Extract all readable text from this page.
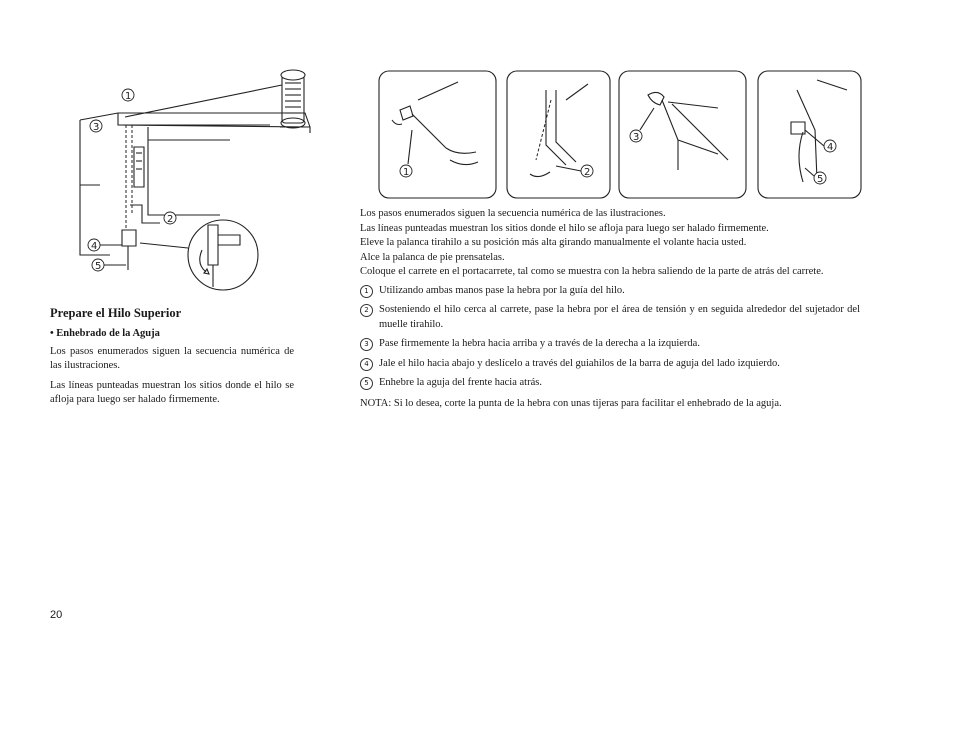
1
3
2
4
5
1	2
3
4
5
Prepare el Hilo Superior
• Enhebrado de la Aguja
Los pasos enumerados siguen la secuencia numérica de las ilustraciones.
Las líneas punteadas muestran los sitios donde el hilo se afloja para luego ser halado firmemente.
Los pasos enumerados siguen la secuencia numérica de las ilustraciones.
Las líneas punteadas muestran los sitios donde el hilo se afloja para luego ser halado firmemente.
Eleve la palanca tirahilo a su posición más alta girando manualmente el volante hacia usted.
Alce la palanca de pie prensatelas.
Coloque el carrete en el portacarrete, tal como se muestra con la hebra saliendo de la parte de atrás del carrete.
1 Utilizando ambas manos pase la hebra por la guía del hilo.
2 Sosteniendo el hilo cerca al carrete, pase la hebra por el área de tensión y en seguida alrededor del sujetador del muelle tirahilo.
3 Pase firmemente la hebra hacia arriba y a través de la derecha a la izquierda.
4 Jale el hilo hacia abajo y deslícelo a través del guiahilos de la barra de aguja del lado izquierdo.
5 Enhebre la aguja del frente hacia atrás.
NOTA: Si lo desea, corte la punta de la hebra con unas tijeras para facilitar el enhebrado de la aguja.
20
